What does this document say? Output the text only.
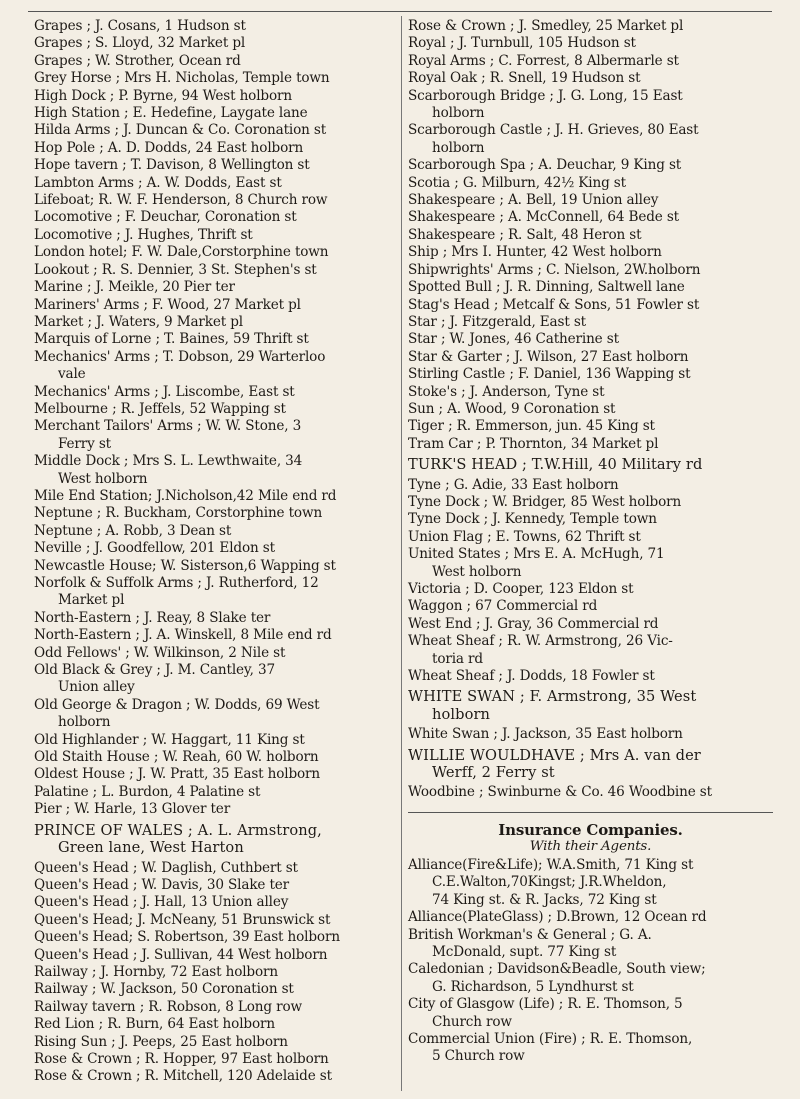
Grapes ; J. Cosans, 1 Hudson st
Grapes ; S. Lloyd, 32 Market pl
Grapes ; W. Strother, Ocean rd
Grey Horse ; Mrs H. Nicholas, Temple town
High Dock ; P. Byrne, 94 West holborn
High Station ; E. Hedefine, Laygate lane
Hilda Arms ; J. Duncan & Co. Coronation st
Hop Pole ; A. D. Dodds, 24 East holborn
Hope tavern ; T. Davison, 8 Wellington st
Lambton Arms ; A. W. Dodds, East st
Lifeboat; R. W. F. Henderson, 8 Church row
Locomotive ; F. Deuchar, Coronation st
Locomotive ; J. Hughes, Thrift st
London hotel; F. W. Dale,Corstorphine town
Lookout ; R. S. Dennier, 3 St. Stephen's st
Marine ; J. Meikle, 20 Pier ter
Mariners' Arms ; F. Wood, 27 Market pl
Market ; J. Waters, 9 Market pl
Marquis of Lorne ; T. Baines, 59 Thrift st
Mechanics' Arms ; T. Dobson, 29 Warterloo

vale
Mechanics' Arms ; J. Liscombe, East st
Melbourne ; R. Jeffels, 52 Wapping st
Merchant Tailors' Arms ; W. W. Stone, 3

Ferry st
Middle Dock ; Mrs S. L. Lewthwaite, 34

West holborn
Mile End Station; J.Nicholson,42 Mile end rd
Neptune ; R. Buckham, Corstorphine town
Neptune ; A. Robb, 3 Dean st
Neville ; J. Goodfellow, 201 Eldon st
Newcastle House; W. Sisterson,6 Wapping st
Norfolk & Suffolk Arms ; J. Rutherford, 12

Market pl
North-Eastern ; J. Reay, 8 Slake ter
North-Eastern ; J. A. Winskell, 8 Mile end rd
Odd Fellows' ; W. Wilkinson, 2 Nile st
Old Black & Grey ; J. M. Cantley, 37

Union alley
Old George & Dragon ; W. Dodds, 69 West

holborn
Old Highlander ; W. Haggart, 11 King st
Old Staith House ; W. Reah, 60 W. holborn
Oldest House ; J. W. Pratt, 35 East holborn
Palatine ; L. Burdon, 4 Palatine st
Pier ; W. Harle, 13 Glover ter
PRINCE OF WALES ; A. L. Armstrong,

Green lane, West Harton
Queen's Head ; W. Daglish, Cuthbert st
Queen's Head ; W. Davis, 30 Slake ter
Queen's Head ; J. Hall, 13 Union alley
Queen's Head; J. McNeany, 51 Brunswick st
Queen's Head; S. Robertson, 39 East holborn
Queen's Head ; J. Sullivan, 44 West holborn
Railway ; J. Hornby, 72 East holborn
Railway ; W. Jackson, 50 Coronation st
Railway tavern ; R. Robson, 8 Long row
Red Lion ; R. Burn, 64 East holborn
Rising Sun ; J. Peeps, 25 East holborn
Rose & Crown ; R. Hopper, 97 East holborn
Rose & Crown ; R. Mitchell, 120 Adelaide st
Rose & Crown ; J. Smedley, 25 Market pl
Royal ; J. Turnbull, 105 Hudson st
Royal Arms ; C. Forrest, 8 Albermarle st
Royal Oak ; R. Snell, 19 Hudson st
Scarborough Bridge ; J. G. Long, 15 East

holborn
Scarborough Castle ; J. H. Grieves, 80 East

holborn
Scarborough Spa ; A. Deuchar, 9 King st
Scotia ; G. Milburn, 42½ King st
Shakespeare ; A. Bell, 19 Union alley
Shakespeare ; A. McConnell, 64 Bede st
Shakespeare ; R. Salt, 48 Heron st
Ship ; Mrs I. Hunter, 42 West holborn
Shipwrights' Arms ; C. Nielson, 2W.holborn
Spotted Bull ; J. R. Dinning, Saltwell lane
Stag's Head ; Metcalf & Sons, 51 Fowler st
Star ; J. Fitzgerald, East st
Star ; W. Jones, 46 Catherine st
Star & Garter ; J. Wilson, 27 East holborn
Stirling Castle ; F. Daniel, 136 Wapping st
Stoke's ; J. Anderson, Tyne st
Sun ; A. Wood, 9 Coronation st
Tiger ; R. Emmerson, jun. 45 King st
Tram Car ; P. Thornton, 34 Market pl
TURK'S HEAD ; T.W.Hill, 40 Military rd
Tyne ; G. Adie, 33 East holborn
Tyne Dock ; W. Bridger, 85 West holborn
Tyne Dock ; J. Kennedy, Temple town
Union Flag ; E. Towns, 62 Thrift st
United States ; Mrs E. A. McHugh, 71

West holborn
Victoria ; D. Cooper, 123 Eldon st
Waggon ; 67 Commercial rd
West End ; J. Gray, 36 Commercial rd
Wheat Sheaf ; R. W. Armstrong, 26 Vic-

toria rd
Wheat Sheaf ; J. Dodds, 18 Fowler st
WHITE SWAN ; F. Armstrong, 35 West

holborn
White Swan ; J. Jackson, 35 East holborn
WILLIE WOULDHAVE ; Mrs A. van der

Werff, 2 Ferry st
Woodbine ; Swinburne & Co. 46 Woodbine st
Insurance Companies.
With their Agents.
Alliance(Fire&Life); W.A.Smith, 71 King st

C.E.Walton,70Kingst; J.R.Wheldon,
74 King st. & R. Jacks, 72 King st
Alliance(PlateGlass) ; D.Brown, 12 Ocean rd
British Workman's & General ; G. A.

McDonald, supt. 77 King st
Caledonian ; Davidson&Beadle, South view;

G. Richardson, 5 Lyndhurst st
City of Glasgow (Life) ; R. E. Thomson, 5

Church row
Commercial Union (Fire) ; R. E. Thomson,

5 Church row
